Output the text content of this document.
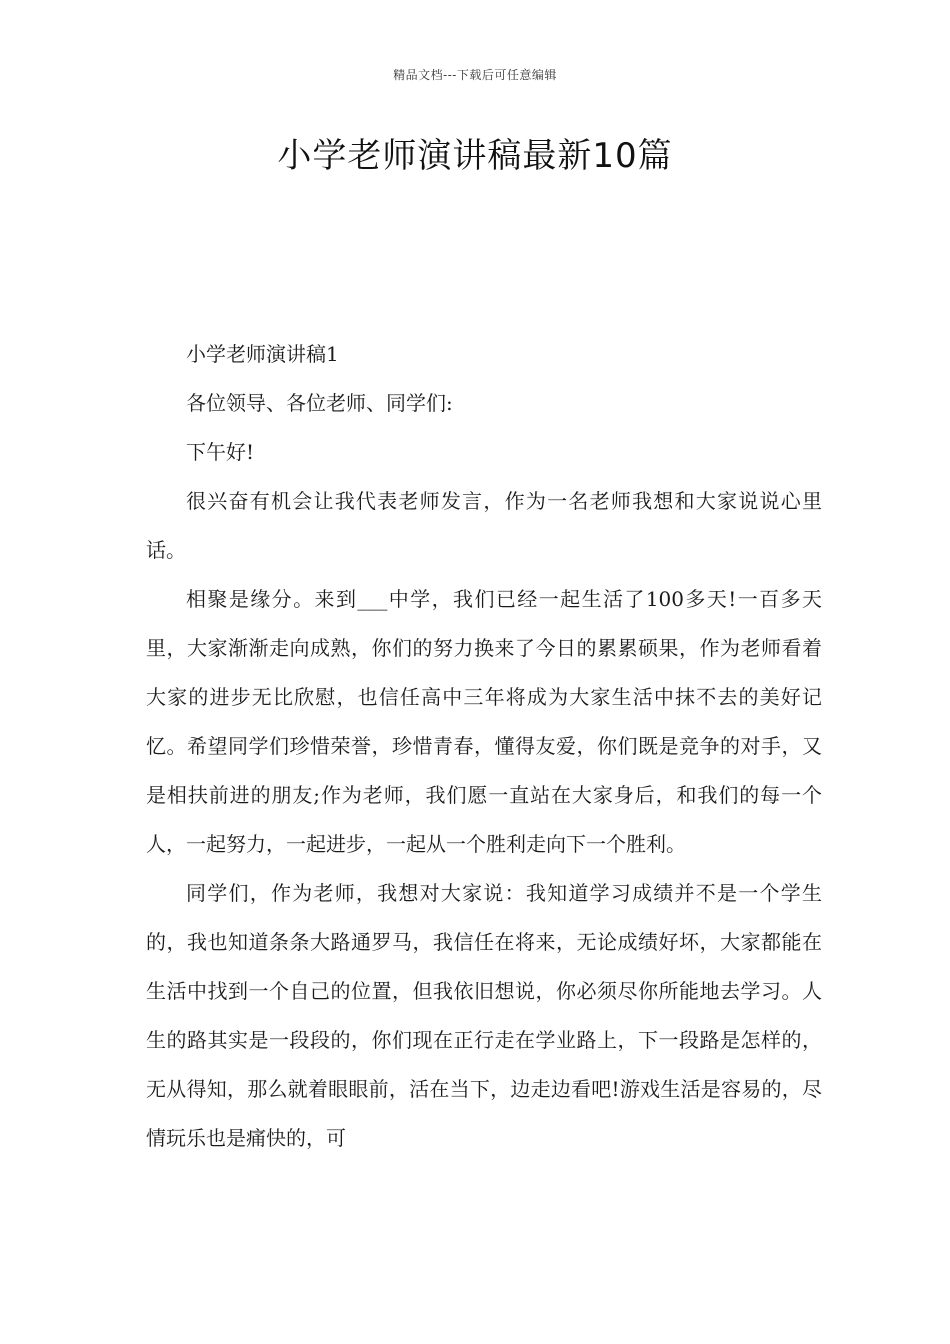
精品文档---下载后可任意编辑
小学老师演讲稿最新10篇

小学老师演讲稿1

各位领导、各位老师、同学们:

下午好!

很兴奋有机会让我代表老师发言，作为一名老师我想和大家说说心里话。

相聚是缘分。来到___中学，我们已经一起生活了100多天!一百多天里，大家渐渐走向成熟，你们的努力换来了今日的累累硕果，作为老师看着大家的进步无比欣慰，也信任高中三年将成为大家生活中抹不去的美好记忆。希望同学们珍惜荣誉，珍惜青春，懂得友爱，你们既是竞争的对手，又是相扶前进的朋友;作为老师，我们愿一直站在大家身后，和我们的每一个人，一起努力，一起进步，一起从一个胜利走向下一个胜利。

同学们，作为老师，我想对大家说：我知道学习成绩并不是一个学生的，我也知道条条大路通罗马，我信任在将来，无论成绩好坏，大家都能在生活中找到一个自己的位置，但我依旧想说，你必须尽你所能地去学习。人生的路其实是一段段的，你们现在正行走在学业路上，下一段路是怎样的，无从得知，那么就着眼眼前，活在当下，边走边看吧!游戏生活是容易的，尽情玩乐也是痛快的，可
